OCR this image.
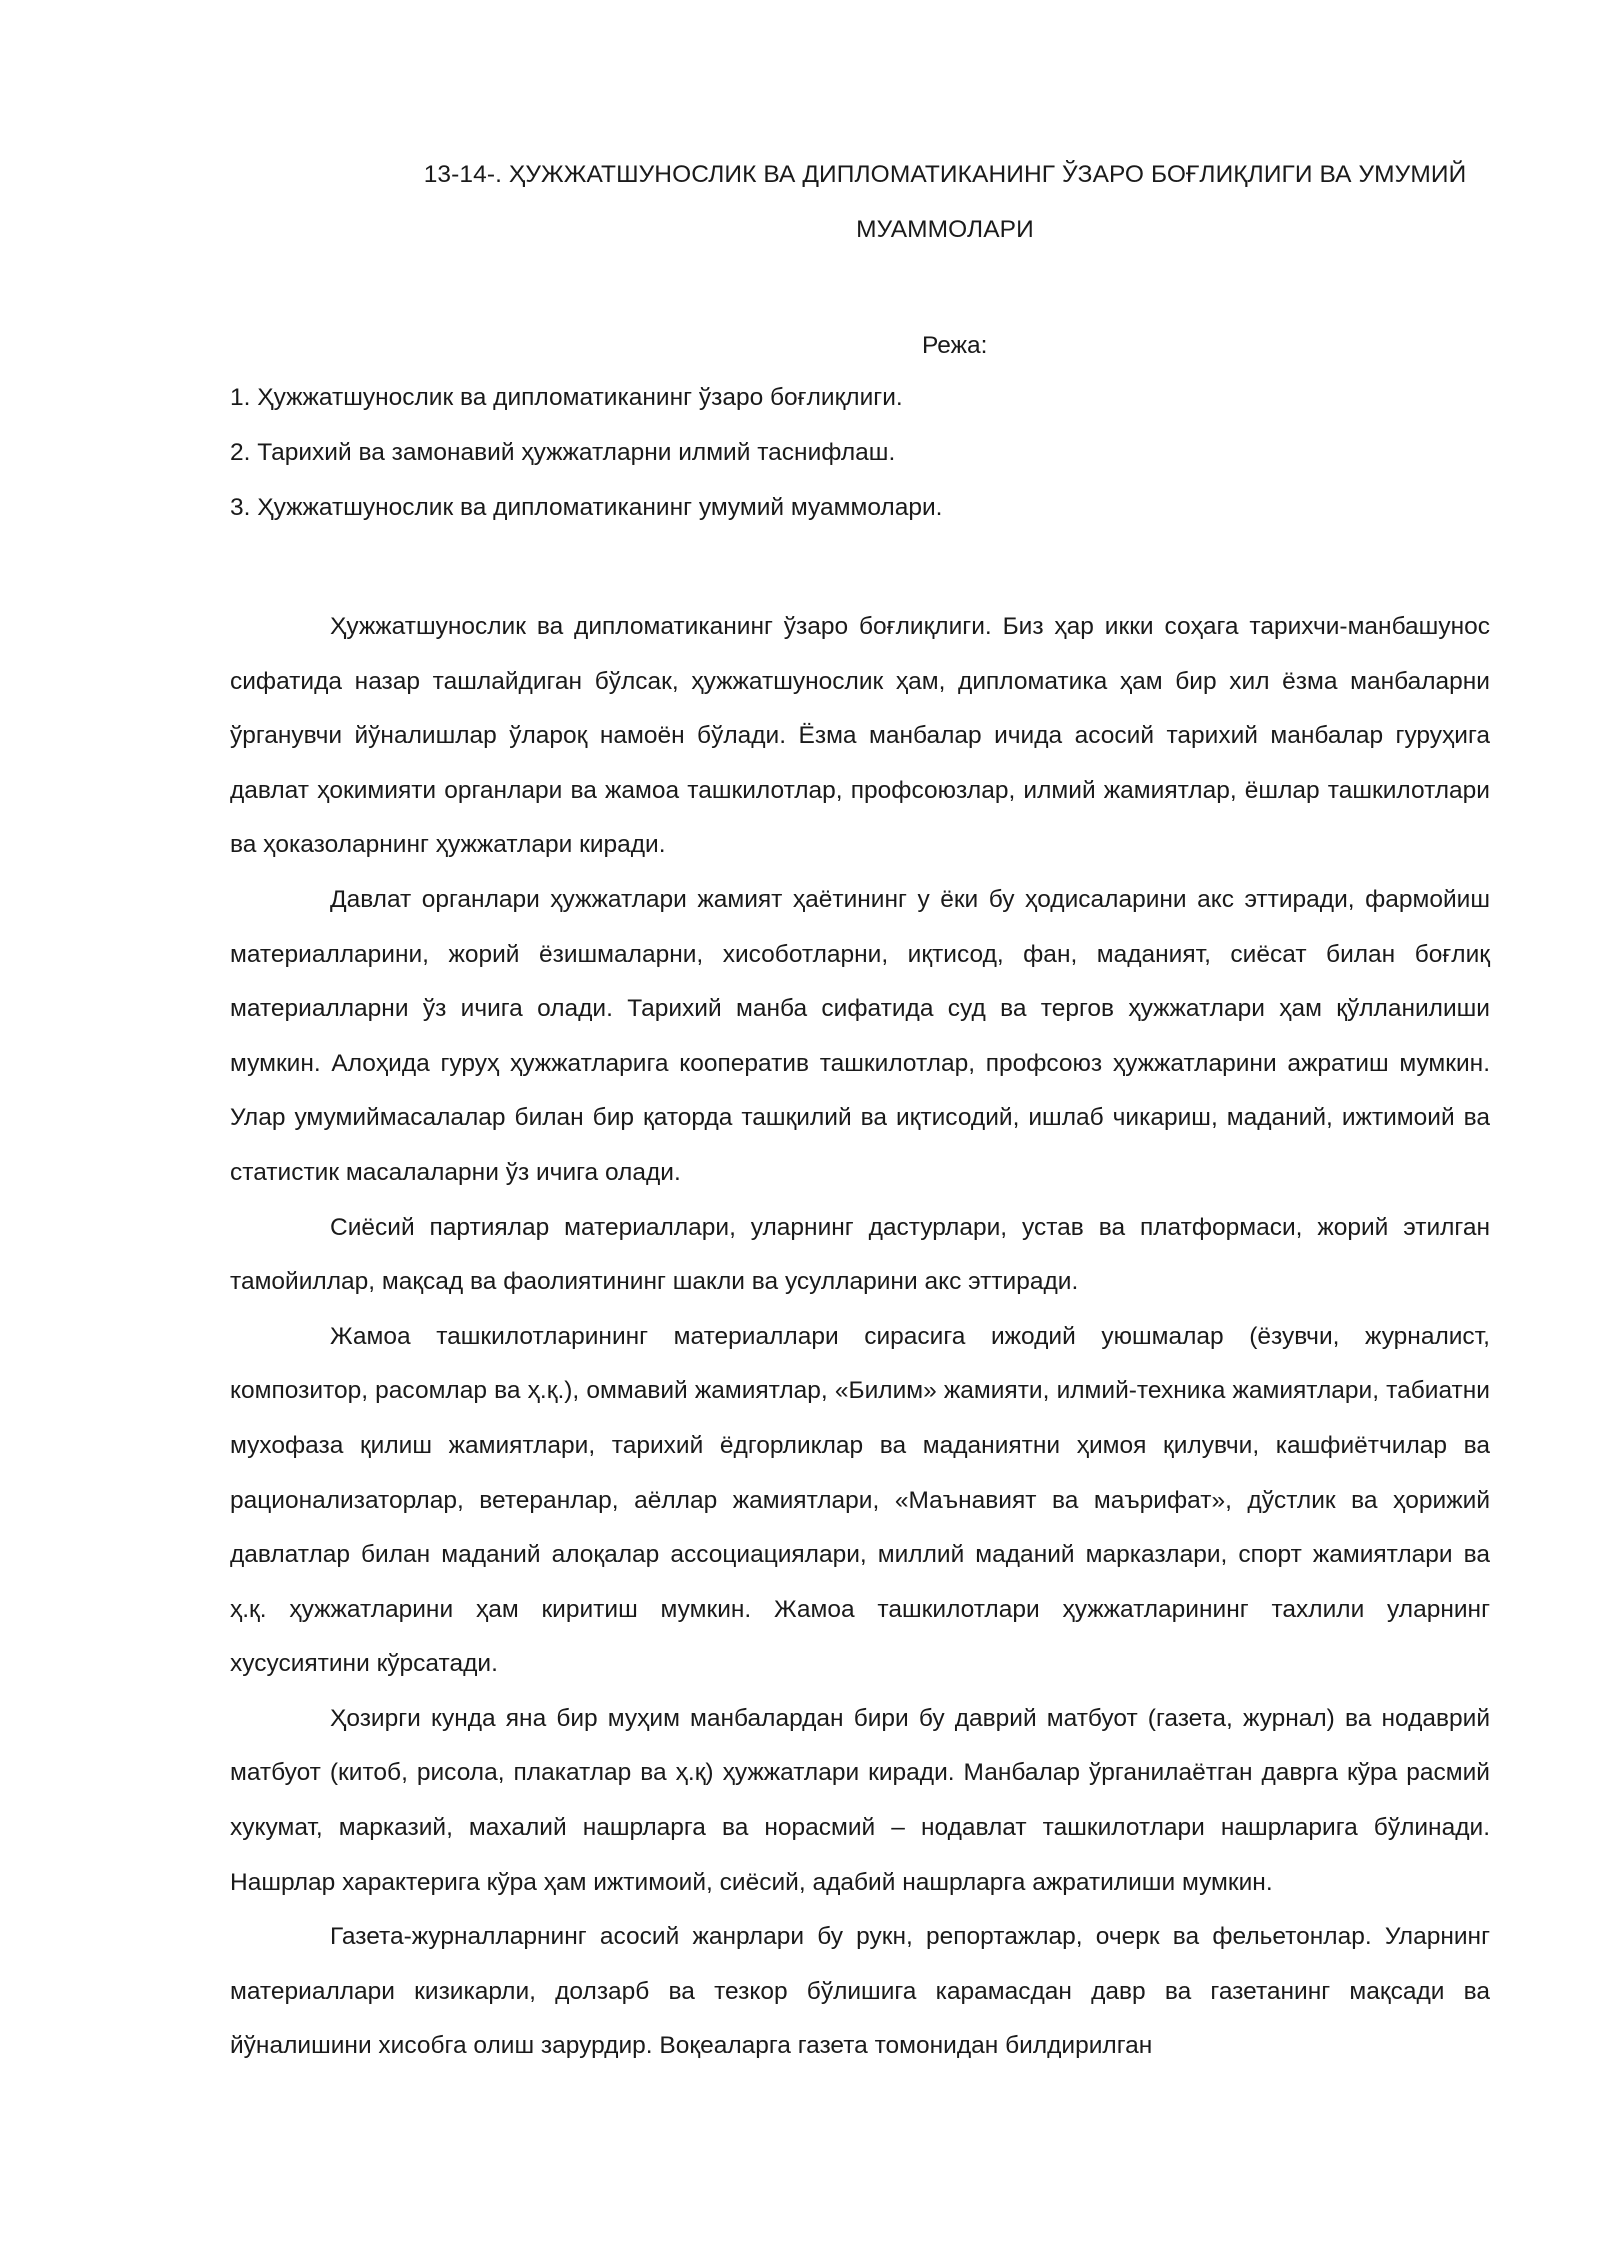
13-14-. ҲУЖЖАТШУНОСЛИК ВА ДИПЛОМАТИКАНИНГ ЎЗАРО БОҒЛИҚЛИГИ ВА УМУМИЙ
МУАММОЛАРИ
Режа:
1. Ҳужжатшунослик ва дипломатиканинг ўзаро боғлиқлиги.
2. Тарихий ва замонавий ҳужжатларни илмий таснифлаш.
3. Ҳужжатшунослик ва дипломатиканинг умумий муаммолари.

Ҳужжатшунослик ва дипломатиканинг ўзаро боғлиқлиги. Биз ҳар икки соҳага тарихчи-манбашунос сифатида назар ташлайдиган бўлсак, ҳужжатшунослик ҳам, дипломатика ҳам бир хил ёзма манбаларни ўрганувчи йўналишлар ўлароқ намоён бўлади. Ёзма манбалар ичида асосий тарихий манбалар гуруҳига давлат ҳокимияти органлари ва жамоа ташкилотлар, профсоюзлар, илмий жамиятлар, ёшлар ташкилотлари ва ҳоказоларнинг ҳужжатлари киради.

Давлат органлари ҳужжатлари жамият ҳаётининг у ёки бу ҳодисаларини акс эттиради, фармойиш материалларини, жорий ёзишмаларни, хисоботларни, иқтисод, фан, маданият, сиёсат билан боғлиқ материалларни ўз ичига олади. Тарихий манба сифатида суд ва тергов ҳужжатлари ҳам қўлланилиши мумкин. Алоҳида гуруҳ ҳужжатларига кооператив ташкилотлар, профсоюз ҳужжатларини ажратиш мумкин. Улар умумиймасалалар билан бир қаторда ташқилий ва иқтисодий, ишлаб чикариш, маданий, ижтимоий ва статистик масалаларни ўз ичига олади.

Сиёсий партиялар материаллари, уларнинг дастурлари, устав ва платформаси, жорий этилган тамойиллар, мақсад ва фаолиятининг шакли ва усулларини акс эттиради.

Жамоа ташкилотларининг материаллари сирасига ижодий уюшмалар (ёзувчи, журналист, композитор, расомлар ва ҳ.қ.), оммавий жамиятлар, «Билим» жамияти, илмий-техника жамиятлари, табиатни мухофаза қилиш жамиятлари, тарихий ёдгорликлар ва маданиятни ҳимоя қилувчи, кашфиётчилар ва рационализаторлар, ветеранлар, аёллар жамиятлари, «Маънавият ва маърифат», дўстлик ва ҳорижий давлатлар билан маданий алоқалар ассоциациялари, миллий маданий марказлари, спорт жамиятлари ва ҳ.қ. ҳужжатларини ҳам киритиш мумкин. Жамоа ташкилотлари ҳужжатларининг тахлили уларнинг хусусиятини кўрсатади.

Ҳозирги кунда яна бир муҳим манбалардан бири бу даврий матбуот (газета, журнал) ва нодаврий матбуот (китоб, рисола, плакатлар ва ҳ.қ) ҳужжатлари киради. Манбалар ўрганилаётган даврга кўра расмий хукумат, марказий, махалий нашрларга ва норасмий – нодавлат ташкилотлари нашрларига бўлинади. Нашрлар характерига кўра ҳам ижтимоий, сиёсий, адабий нашрларга ажратилиши мумкин.

Газета-журналларнинг асосий жанрлари бу рукн, репортажлар, очерк ва фельетонлар. Уларнинг материаллари кизикарли, долзарб ва тезкор бўлишига карамасдан давр ва газетанинг мақсади ва йўналишини хисобга олиш зарурдир. Воқеаларга газета томонидан билдирилган
